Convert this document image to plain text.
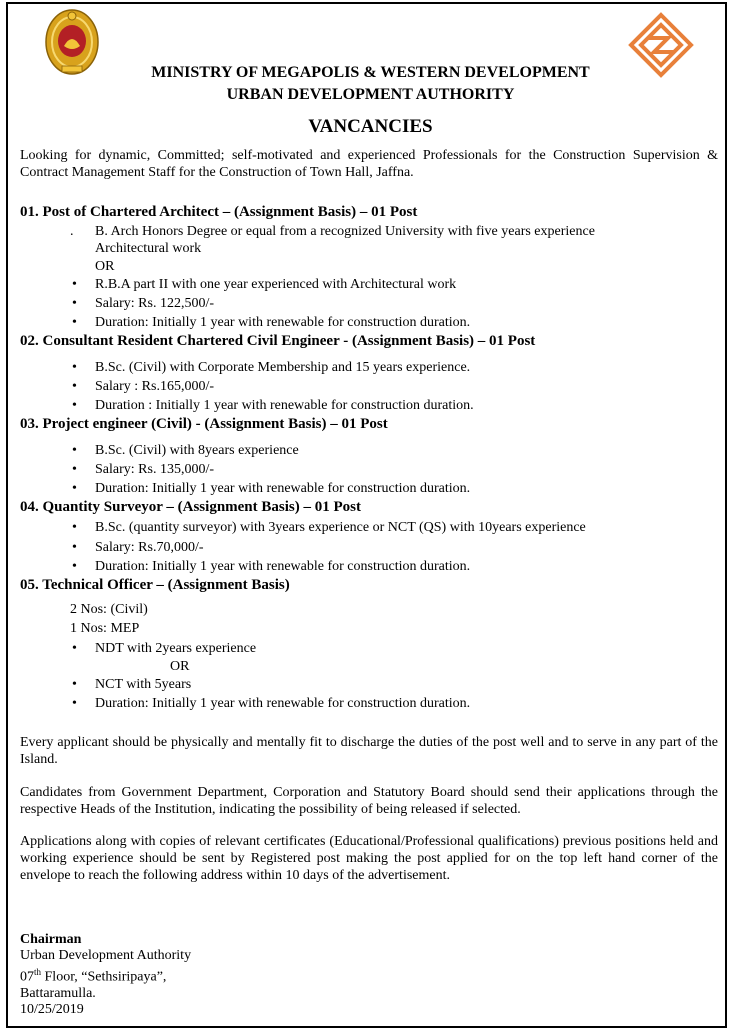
MINISTRY OF MEGAPOLIS & WESTERN DEVELOPMENT
URBAN DEVELOPMENT AUTHORITY
VANCANCIES

Looking for dynamic, Committed; self-motivated and experienced Professionals for the Construction Supervision & Contract Management Staff for the Construction of Town Hall, Jaffna.

01. Post of Chartered Architect – (Assignment Basis) – 01 Post
. B. Arch Honors Degree or equal from a recognized University with five years experience
Architectural work
OR
• R.B.A part II with one year experienced with Architectural work
• Salary: Rs. 122,500/-
• Duration: Initially 1 year with renewable for construction duration.
02. Consultant Resident Chartered Civil Engineer - (Assignment Basis) – 01 Post
• B.Sc. (Civil) with Corporate Membership and 15 years experience.
• Salary : Rs.165,000/-
• Duration : Initially 1 year with renewable for construction duration.
03. Project engineer (Civil) - (Assignment Basis) – 01 Post
• B.Sc. (Civil) with 8years experience
• Salary: Rs. 135,000/-
• Duration: Initially 1 year with renewable for construction duration.
04. Quantity Surveyor – (Assignment Basis) – 01 Post
• B.Sc. (quantity surveyor) with 3years experience or NCT (QS) with 10years experience
• Salary: Rs.70,000/-
• Duration: Initially 1 year with renewable for construction duration.
05. Technical Officer – (Assignment Basis)
2 Nos: (Civil)
1 Nos: MEP
• NDT with 2years experience
OR
• NCT with 5years
• Duration: Initially 1 year with renewable for construction duration.

Every applicant should be physically and mentally fit to discharge the duties of the post well and to serve in any part of the Island.

Candidates from Government Department, Corporation and Statutory Board should send their applications through the respective Heads of the Institution, indicating the possibility of being released if selected.

Applications along with copies of relevant certificates (Educational/Professional qualifications) previous positions held and working experience should be sent by Registered post making the post applied for on the top left hand corner of the envelope to reach the following address within 10 days of the advertisement.

Chairman
Urban Development Authority
07th Floor, “Sethsiripaya”,
Battaramulla.
10/25/2019
